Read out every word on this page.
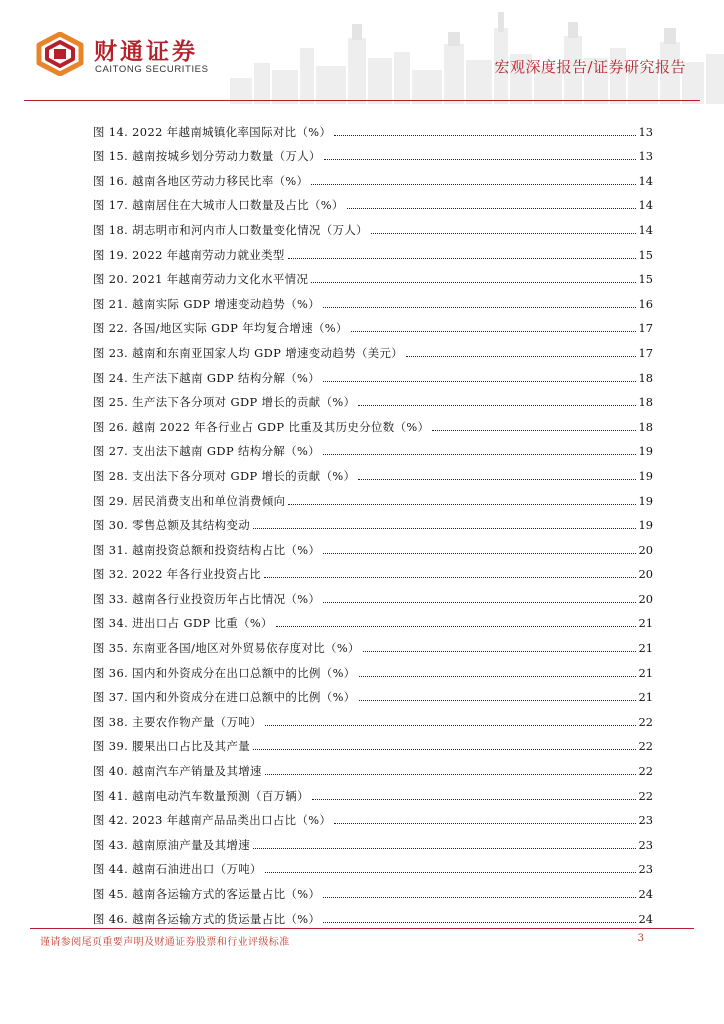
财通证券
CAITONG SECURITIES	宏观深度报告/证券研究报告
图 14. 2022 年越南城镇化率国际对比（%）	13
图 15. 越南按城乡划分劳动力数量（万人）	13
图 16. 越南各地区劳动力移民比率（%）	14
图 17. 越南居住在大城市人口数量及占比（%）	14
图 18. 胡志明市和河内市人口数量变化情况（万人）	14
图 19. 2022 年越南劳动力就业类型	15
图 20. 2021 年越南劳动力文化水平情况	15
图 21. 越南实际 GDP 增速变动趋势（%）	16
图 22. 各国/地区实际 GDP 年均复合增速（%）	17
图 23. 越南和东南亚国家人均 GDP 增速变动趋势（美元）	17
图 24. 生产法下越南 GDP 结构分解（%）	18
图 25. 生产法下各分项对 GDP 增长的贡献（%）	18
图 26. 越南 2022 年各行业占 GDP 比重及其历史分位数（%）	18
图 27. 支出法下越南 GDP 结构分解（%）	19
图 28. 支出法下各分项对 GDP 增长的贡献（%）	19
图 29. 居民消费支出和单位消费倾向	19
图 30. 零售总额及其结构变动	19
图 31. 越南投资总额和投资结构占比（%）	20
图 32. 2022 年各行业投资占比	20
图 33. 越南各行业投资历年占比情况（%）	20
图 34. 进出口占 GDP 比重（%）	21
图 35. 东南亚各国/地区对外贸易依存度对比（%）	21
图 36. 国内和外资成分在出口总额中的比例（%）	21
图 37. 国内和外资成分在进口总额中的比例（%）	21
图 38. 主要农作物产量（万吨）	22
图 39. 腰果出口占比及其产量	22
图 40. 越南汽车产销量及其增速	22
图 41. 越南电动汽车数量预测（百万辆）	22
图 42. 2023 年越南产品品类出口占比（%）	23
图 43. 越南原油产量及其增速	23
图 44. 越南石油进出口（万吨）	23
图 45. 越南各运输方式的客运量占比（%）	24
图 46. 越南各运输方式的货运量占比（%）	24
谨请参阅尾页重要声明及财通证券股票和行业评级标准	3
